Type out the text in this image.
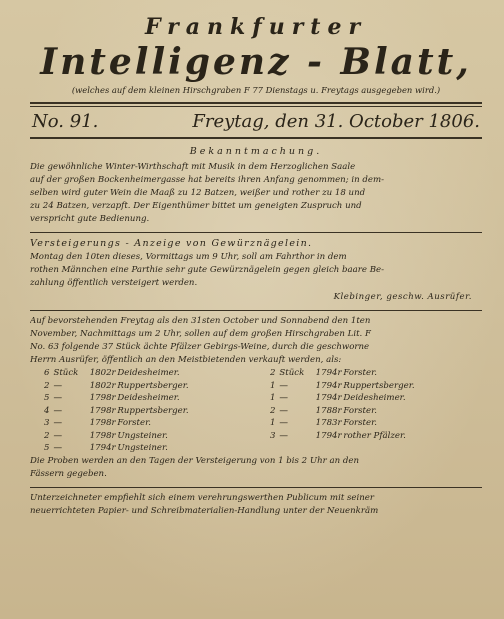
Frankfurter
Intelligenz - Blatt,
(welches auf dem kleinen Hirschgraben F 77 Dienstags u. Freytags ausgegeben wird.)
No. 91.	Freytag, den 31. October 1806.
Bekanntmachung.
Die gewöhnliche Winter-Wirthschaft mit Musik in dem Herzoglichen Saale
auf der großen Bockenheimergasse hat bereits ihren Anfang genommen; in dem-
selben wird guter Wein die Maaß zu 12 Batzen, weißer und rother zu 18 und
zu 24 Batzen, verzapft. Der Eigenthümer bittet um geneigten Zuspruch und
verspricht gute Bedienung.
Versteigerungs - Anzeige von Gewürznägelein.
Montag den 10ten dieses, Vormittags um 9 Uhr, soll am Fahrthor in dem
rothen Männchen eine Parthie sehr gute Gewürznägelein gegen gleich baare Be-
zahlung öffentlich versteigert werden.
Klebinger, geschw. Ausrüfer.
Auf bevorstehenden Freytag als den 31sten October und Sonnabend den 1ten
November, Nachmittags um 2 Uhr, sollen auf dem großen Hirschgraben Lit. F
No. 63 folgende 37 Stück ächte Pfälzer Gebirgs-Weine, durch die geschworne
Herrn Ausrüfer, öffentlich an den Meistbietenden verkauft werden, als:
6	Stück	1802r	Deidesheimer.	2	Stück	1794r	Forster.
2	—	1802r	Ruppertsberger.	1	—	1794r	Ruppertsberger.
5	—	1798r	Deidesheimer.	1	—	1794r	Deidesheimer.
4	—	1798r	Ruppertsberger.	2	—	1788r	Forster.
3	—	1798r	Forster.	1	—	1783r	Forster.
2	—	1798r	Ungsteiner.	3	—	1794r	rother Pfälzer.
5	—	1794r	Ungsteiner.				
Die Proben werden an den Tagen der Versteigerung von 1 bis 2 Uhr an den
Fässern gegeben.
Unterzeichneter empfiehlt sich einem verehrungswerthen Publicum mit seiner
neuerrichteten Papier- und Schreibmaterialien-Handlung unter der Neuenkräm
